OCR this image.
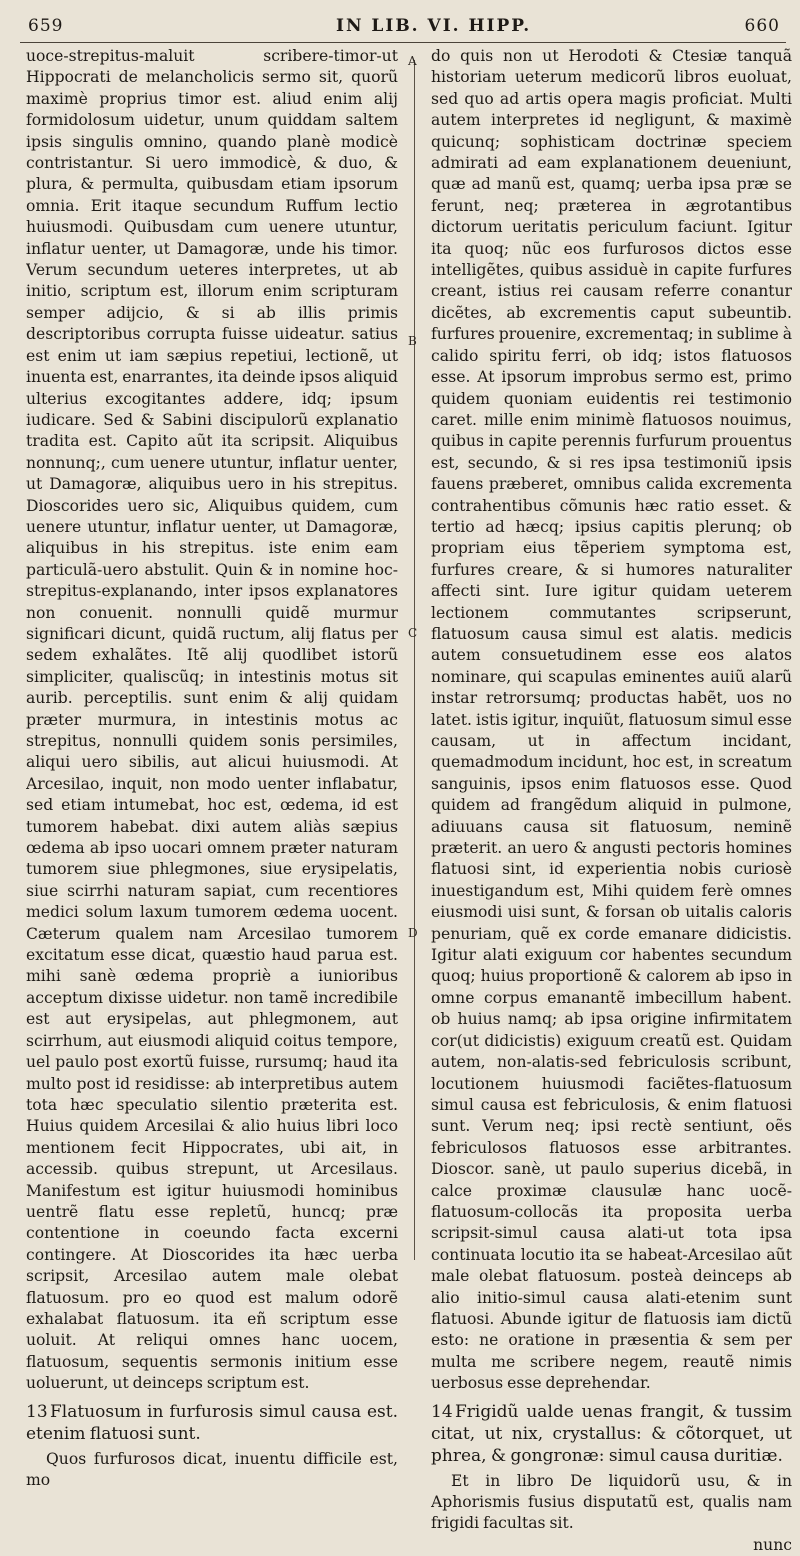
659	IN LIB. VI. HIPP.	660

uoce-strepitus-maluit scribere-timor-ut Hippocrati de melancholicis sermo sit, quorũ maximè proprius timor est. aliud enim alij formidolosum uidetur, unum quiddam saltem ipsis singulis omnino, quando planè modicè contristantur. Si uero immodicè, & duo, & plura, & permulta, quibusdam etiam ipsorum omnia. Erit itaque secundum Ruffum lectio huiusmodi. Quibusdam cum uenere utuntur, inflatur uenter, ut Damagoræ, unde his timor. Verum secundum ueteres interpretes, ut ab initio, scriptum est, illorum enim scripturam semper adijcio, & si ab illis primis descriptoribus corrupta fuisse uideatur. satius est enim ut iam sæpius repetiui, lectionẽ, ut inuenta est, enarrantes, ita deinde ipsos aliquid ulterius excogitantes addere, idq; ipsum iudicare. Sed & Sabini discipulorũ explanatio tradita est. Capito aũt ita scripsit. Aliquibus nonnunq;, cum uenere utuntur, inflatur uenter, ut Damagoræ, aliquibus uero in his strepitus. Dioscorides uero sic, Aliquibus quidem, cum uenere utuntur, inflatur uenter, ut Damagoræ, aliquibus in his strepitus. iste enim eam particulã-uero abstulit. Quin & in nomine hoc-strepitus-explanando, inter ipsos explanatores non conuenit. nonnulli quidẽ murmur significari dicunt, quidã ructum, alij flatus per sedem exhalãtes. Itẽ alij quodlibet istorũ simpliciter, qualiscũq; in intestinis motus sit aurib. perceptilis. sunt enim & alij quidam præter murmura, in intestinis motus ac strepitus, nonnulli quidem sonis persimiles, aliqui uero sibilis, aut alicui huiusmodi. At Arcesilao, inquit, non modo uenter inflabatur, sed etiam intumebat, hoc est, œdema, id est tumorem habebat. dixi autem aliàs sæpius œdema ab ipso uocari omnem præter naturam tumorem siue phlegmones, siue erysipelatis, siue scirrhi naturam sapiat, cum recentiores medici solum laxum tumorem œdema uocent. Cæterum qualem nam Arcesilao tumorem excitatum esse dicat, quæstio haud parua est. mihi sanè œdema propriè a iunioribus acceptum dixisse uidetur. non tamẽ incredibile est aut erysipelas, aut phlegmonem, aut scirrhum, aut eiusmodi aliquid coitus tempore, uel paulo post exortũ fuisse, rursumq; haud ita multo post id residisse: ab interpretibus autem tota hæc speculatio silentio præterita est. Huius quidem Arcesilai & alio huius libri loco mentionem fecit Hippocrates, ubi ait, in accessib. quibus strepunt, ut Arcesilaus. Manifestum est igitur huiusmodi hominibus uentrẽ flatu esse repletũ, huncq; præ contentione in coeundo facta excerni contingere. At Dioscorides ita hæc uerba scripsit, Arcesilao autem male olebat flatuosum. pro eo quod est malum odorẽ exhalabat flatuosum. ita eñ scriptum esse uoluit. At reliqui omnes hanc uocem, flatuosum, sequentis sermonis initium esse uoluerunt, ut deinceps scriptum est.

13 Flatuosum in furfurosis simul causa est. etenim flatuosi sunt.

Quos furfurosos dicat, inuentu difficile est, mo

A
B
C
D

do quis non ut Herodoti & Ctesiæ tanquã historiam ueterum medicorũ libros euoluat, sed quo ad artis opera magis proficiat. Multi autem interpretes id negligunt, & maximè quicunq; sophisticam doctrinæ speciem admirati ad eam explanationem deueniunt, quæ ad manũ est, quamq; uerba ipsa præ se ferunt, neq; præterea in ægrotantibus dictorum ueritatis periculum faciunt. Igitur ita quoq; nũc eos furfurosos dictos esse intelligẽtes, quibus assiduè in capite furfures creant, istius rei causam referre conantur dicẽtes, ab excrementis caput subeuntib. furfures prouenire, excrementaq; in sublime à calido spiritu ferri, ob idq; istos flatuosos esse. At ipsorum improbus sermo est, primo quidem quoniam euidentis rei testimonio caret. mille enim minimè flatuosos nouimus, quibus in capite perennis furfurum prouentus est, secundo, & si res ipsa testimoniũ ipsis fauens præberet, omnibus calida excrementa contrahentibus cõmunis hæc ratio esset. & tertio ad hæcq; ipsius capitis plerunq; ob propriam eius tẽperiem symptoma est, furfures creare, & si humores naturaliter affecti sint. Iure igitur quidam ueterem lectionem commutantes scripserunt, flatuosum causa simul est alatis. medicis autem consuetudinem esse eos alatos nominare, qui scapulas eminentes auiũ alarũ instar retrorsumq; productas habẽt, uos no latet. istis igitur, inquiũt, flatuosum simul esse causam, ut in affectum incidant, quemadmodum incidunt, hoc est, in screatum sanguinis, ipsos enim flatuosos esse. Quod quidem ad frangẽdum aliquid in pulmone, adiuuans causa sit flatuosum, neminẽ præterit. an uero & angusti pectoris homines flatuosi sint, id experientia nobis curiosè inuestigandum est, Mihi quidem ferè omnes eiusmodi uisi sunt, & forsan ob uitalis caloris penuriam, quẽ ex corde emanare didicistis. Igitur alati exiguum cor habentes secundum quoq; huius proportionẽ & calorem ab ipso in omne corpus emanantẽ imbecillum habent. ob huius namq; ab ipsa origine infirmitatem cor(ut didicistis) exiguum creatũ est. Quidam autem, non-alatis-sed febriculosis scribunt, locutionem huiusmodi faciẽtes-flatuosum simul causa est febriculosis, & enim flatuosi sunt. Verum neq; ipsi rectè sentiunt, oẽs febriculosos flatuosos esse arbitrantes. Dioscor. sanè, ut paulo superius dicebã, in calce proximæ clausulæ hanc uocẽ-flatuosum-collocãs ita proposita uerba scripsit-simul causa alati-ut tota ipsa continuata locutio ita se habeat-Arcesilao aũt male olebat flatuosum. posteà deinceps ab alio initio-simul causa alati-etenim sunt flatuosi. Abunde igitur de flatuosis iam dictũ esto: ne oratione in præsentia & sem per multa me scribere negem, reautẽ nimis uerbosus esse deprehendar.

14 Frigidũ ualde uenas frangit, & tussim citat, ut nix, crystallus: & cõtorquet, ut phrea, & gongronæ: simul causa duritiæ.

Et in libro De liquidorũ usu, & in Aphorismis fusius disputatũ est, qualis nam frigidi facultas sit.

nunc
